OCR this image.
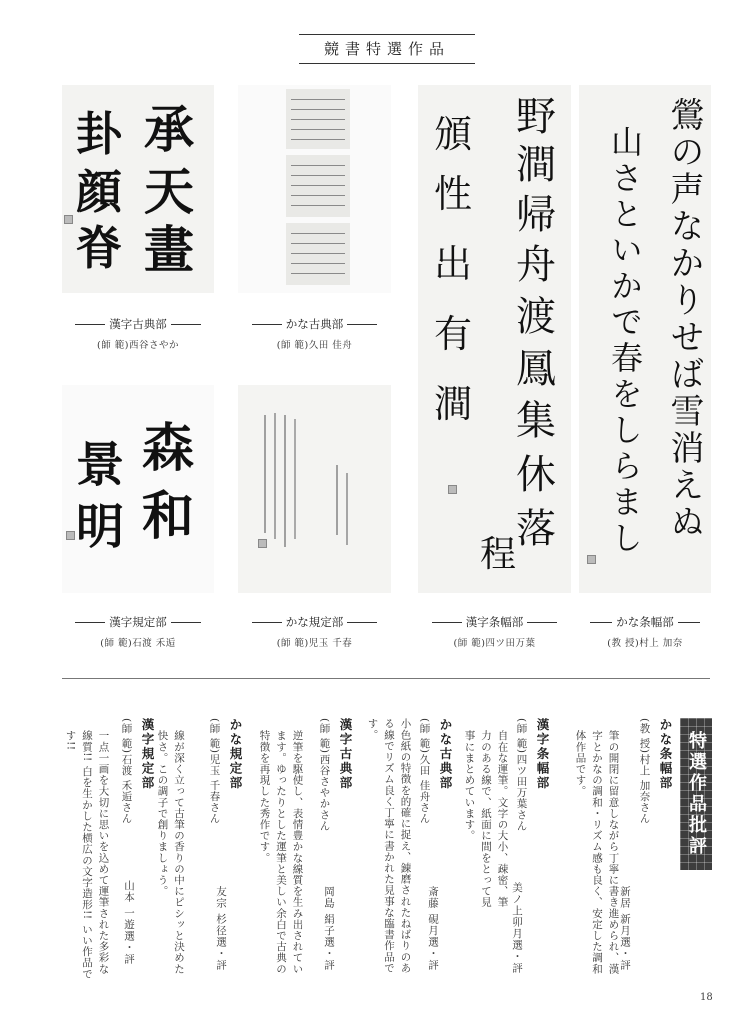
競書特選作品
承
天
畫
卦
顔
脊
漢字古典部
(師 範)西谷さやか
かな古典部
(師 範)久田 佳舟
森
和
景
明
漢字規定部
(師 範)石渡 禾逅
かな規定部
(師 範)児玉 千春
野
澗
帰
舟
渡
鳳
集
休
落
程
頒
性
出
有
澗
漢字条幅部
(師 範)四ツ田万葉
鶯の声なかりせば雪消えぬ
山さといかで春をしらまし
かな条幅部
(教 授)村上 加奈
特選作品批評
かな条幅部
(教 授)村上 加奈さん
筆の開閉に留意しながら丁寧に書き進められ、漢字とかなの調和・リズム感も良く、安定した調和体作品です。
新居 新月選・評
漢字条幅部
(師 範)四ツ田万葉さん
自在な運筆。文字の大小、疎密、筆力のある線で、紙面に間をとって見事にまとめています。
美ノ上卯月選・評
かな古典部
(師 範)久田 佳舟さん
小色紙の特徴を的確に捉え、錬磨されたねばりのある線でリズム良く丁寧に書かれた見事な臨書作品です。
斎藤 硯月選・評
漢字古典部
(師 範)西谷さやかさん
逆筆を駆使し、表情豊かな線質を生み出されています。ゆったりとした運筆と美しい余白で古典の特徴を再現した秀作です。
岡島 絹子選・評
かな規定部
(師 範)児玉 千春さん
線が深く立って古筆の香りの中にピシッと決めた快さ。この調子で創りましょう。
友宗 杉径選・評
漢字規定部
(師 範)石渡 禾逅さん
一点一画を大切に思いを込めて運筆された多彩な線質!! 白を生かした横広の文字造形!! いい作品です!!
山本 一遊選・評
18
